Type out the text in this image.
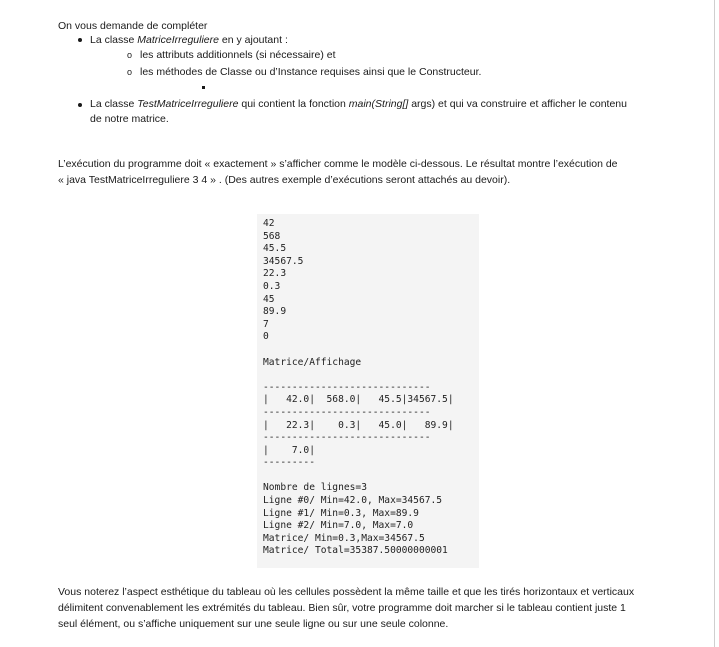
On vous demande de compléter
La classe MatriceIrreguliere en y ajoutant :
o les attributs additionnels (si nécessaire) et
o les méthodes de Classe ou d’Instance requises ainsi que le Constructeur.
La classe TestMatriceIrreguliere qui contient la fonction main(String[] args) et qui va construire et afficher le contenu
de notre matrice.
L’exécution du programme doit « exactement » s’afficher comme le modèle ci-dessous. Le résultat montre l’exécution de
« java TestMatriceIrreguliere 3 4 » . (Des autres exemple d’exécutions seront attachés au devoir).
42
568
45.5
34567.5
22.3
0.3
45
89.9
7
0
Matrice/Affichage
-----------------------------
|   42.0|  568.0|   45.5|34567.5|
-----------------------------
|   22.3|    0.3|   45.0|   89.9|
-----------------------------
|    7.0|
---------
Nombre de lignes=3
Ligne #0/ Min=42.0, Max=34567.5
Ligne #1/ Min=0.3, Max=89.9
Ligne #2/ Min=7.0, Max=7.0
Matrice/ Min=0.3,Max=34567.5
Matrice/ Total=35387.50000000001
Vous noterez l’aspect esthétique du tableau où les cellules possèdent la même taille et que les tirés horizontaux et verticaux
délimitent convenablement les extrémités du tableau. Bien sûr, votre programme doit marcher si le tableau contient juste 1
seul élément, ou s’affiche uniquement sur une seule ligne ou sur une seule colonne.
